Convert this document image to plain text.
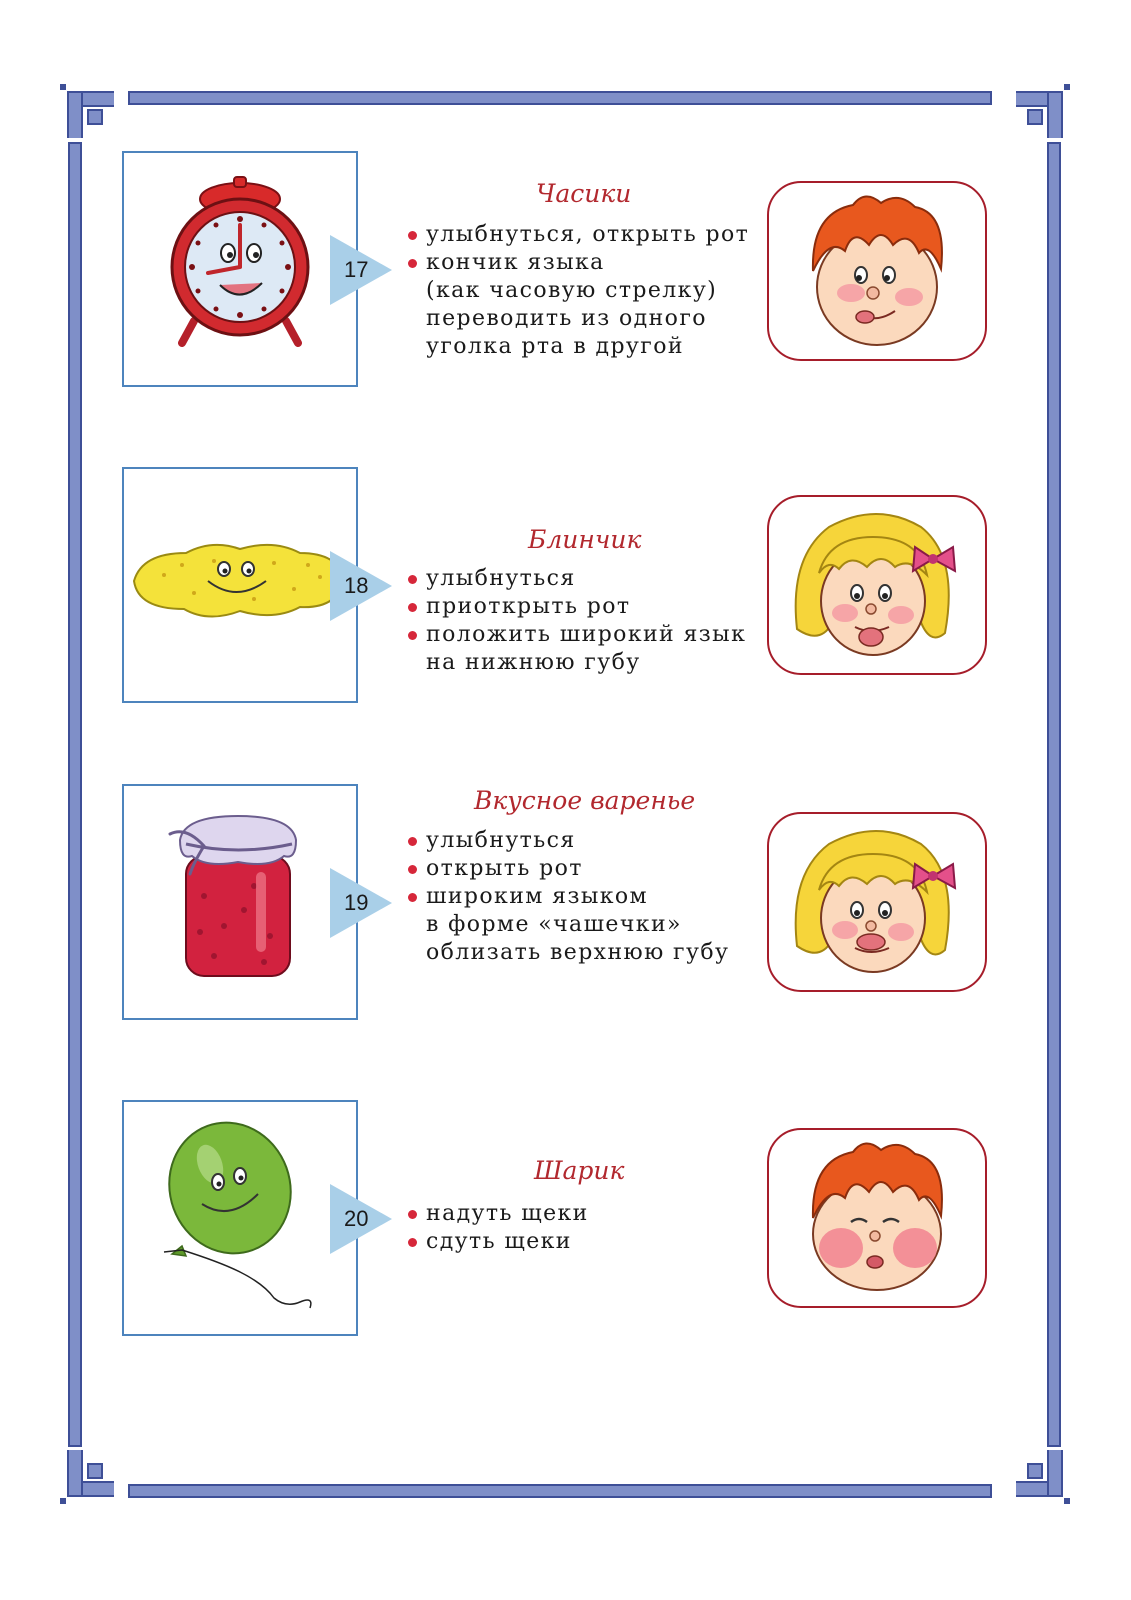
17
Часики
улыбнуться, открыть рот
кончик языка
(как часовую стрелку)
переводить из одного
уголка рта в другой
18
Блинчик
улыбнуться
приоткрыть рот
положить широкий язык
на нижнюю губу
19
Вкусное варенье
улыбнуться
открыть рот
широким языком
в форме «чашечки»
облизать верхнюю губу
20
Шарик
надуть щеки
сдуть щеки
